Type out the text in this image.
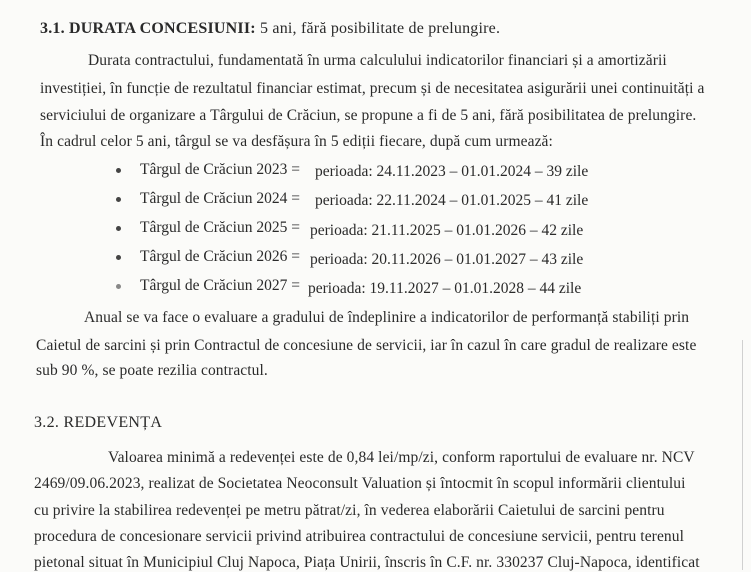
3.1. DURATA CONCESIUNII: 5 ani, fără posibilitate de prelungire.
Durata contractului, fundamentată în urma calculului indicatorilor financiari și a amortizării
investiției, în funcție de rezultatul financiar estimat, precum și de necesitatea asigurării unei continuități a
serviciului de organizare a Târgului de Crăciun, se propune a fi de 5 ani, fără posibilitatea de prelungire.
În cadrul celor 5 ani, târgul se va desfășura în 5 ediții fiecare, după cum urmează:
Târgul de Crăciun 2023 = perioada: 24.11.2023 – 01.01.2024 – 39 zile
Târgul de Crăciun 2024 = perioada: 22.11.2024 – 01.01.2025 – 41 zile
Târgul de Crăciun 2025 = perioada: 21.11.2025 – 01.01.2026 – 42 zile
Târgul de Crăciun 2026 = perioada: 20.11.2026 – 01.01.2027 – 43 zile
Târgul de Crăciun 2027 = perioada: 19.11.2027 – 01.01.2028 – 44 zile
Anual se va face o evaluare a gradului de îndeplinire a indicatorilor de performanță stabiliți prin
Caietul de sarcini și prin Contractul de concesiune de servicii, iar în cazul în care gradul de realizare este
sub 90 %, se poate rezilia contractul.
3.2. REDEVENȚA
Valoarea minimă a redevenței este de 0,84 lei/mp/zi, conform raportului de evaluare nr. NCV
2469/09.06.2023, realizat de Societatea Neoconsult Valuation și întocmit în scopul informării clientului
cu privire la stabilirea redevenței pe metru pătrat/zi, în vederea elaborării Caietului de sarcini pentru
procedura de concesionare servicii privind atribuirea contractului de concesiune servicii, pentru terenul
pietonal situat în Municipiul Cluj Napoca, Piața Unirii, înscris în C.F. nr. 330237 Cluj-Napoca, identificat
